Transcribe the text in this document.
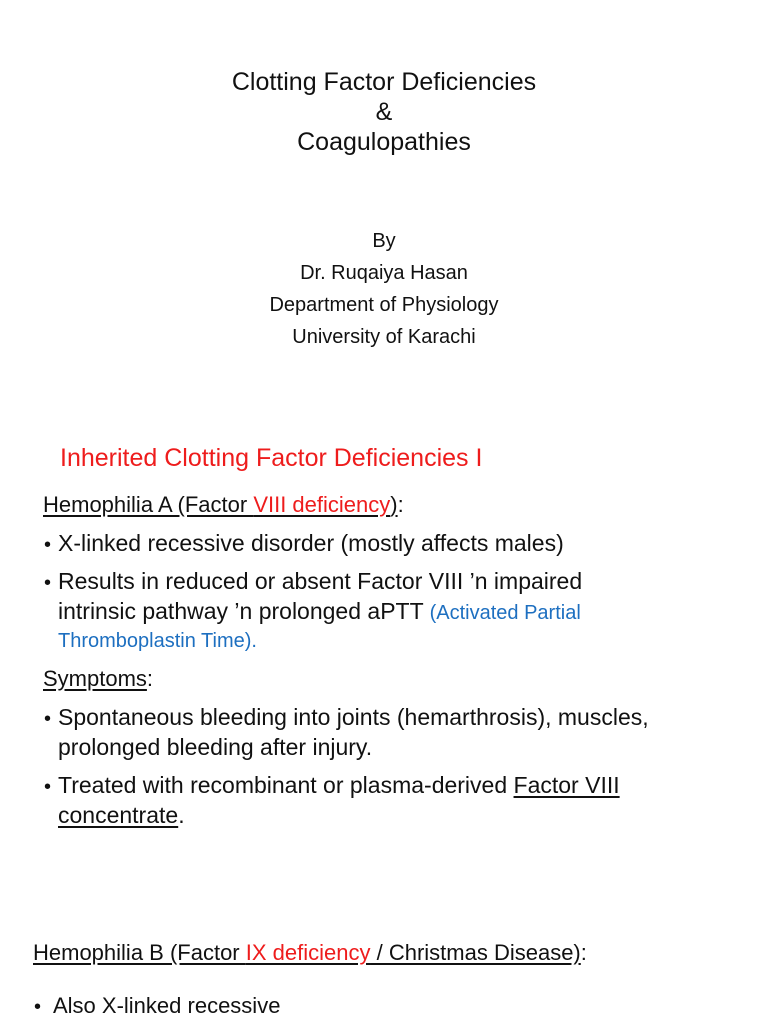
Clotting Factor Deficiencies
&
Coagulopathies
By
Dr. Ruqaiya Hasan
Department of Physiology
University of Karachi
Inherited Clotting Factor Deficiencies I
Hemophilia A (Factor VIII deficiency):
• X-linked recessive disorder (mostly affects males)
• Results in reduced or absent Factor VIII ’n impaired
intrinsic pathway ’n prolonged aPTT (Activated Partial
Thromboplastin Time).
Symptoms:
• Spontaneous bleeding into joints (hemarthrosis), muscles,
prolonged bleeding after injury.
• Treated with recombinant or plasma-derived Factor VIII
concentrate.
Hemophilia B (Factor IX deficiency / Christmas Disease):
• Also X-linked recessive
